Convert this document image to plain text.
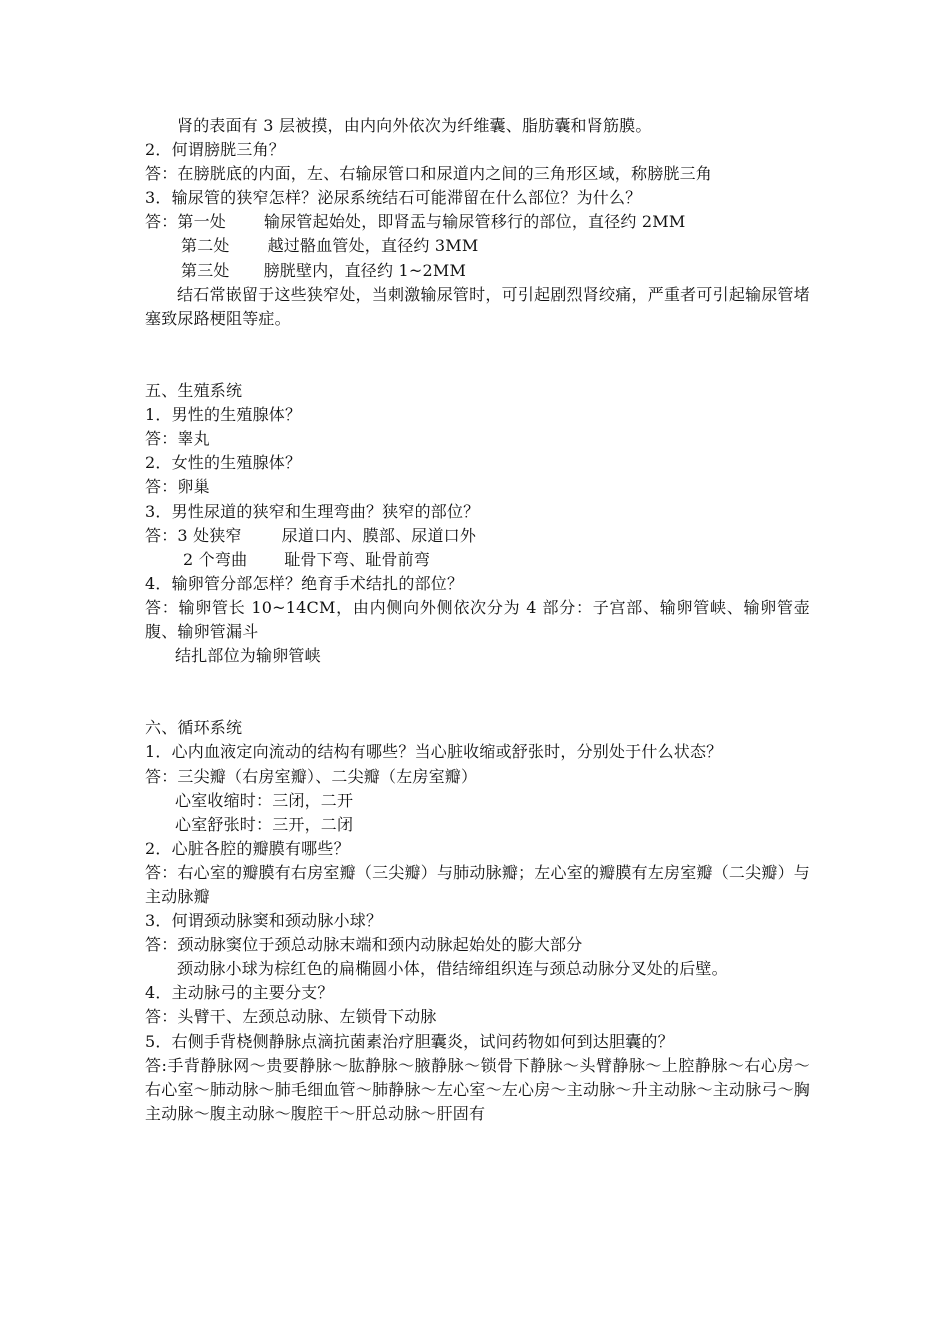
肾的表面有 3 层被摸，由内向外依次为纤维囊、脂肪囊和肾筋膜。
2．何谓膀胱三角？
答：在膀胱底的内面，左、右输尿管口和尿道内之间的三角形区域，称膀胱三角
3．输尿管的狭窄怎样？泌尿系统结石可能滞留在什么部位？为什么？
答：第一处 输尿管起始处，即肾盂与输尿管移行的部位，直径约 2MM
第二处 越过骼血管处，直径约 3MM
第三处 膀胱壁内，直径约 1~2MM
结石常嵌留于这些狭窄处，当刺激输尿管时，可引起剧烈肾绞痛，严重者可引起输尿管堵塞致尿路梗阻等症。
五、生殖系统
1．男性的生殖腺体？
答：睾丸
2．女性的生殖腺体？
答：卵巢
3．男性尿道的狭窄和生理弯曲？狭窄的部位？
答：3 处狭窄	尿道口内、膜部、尿道口外
2 个弯曲 耻骨下弯、耻骨前弯
4．输卵管分部怎样？绝育手术结扎的部位？
答：输卵管长 10~14CM，由内侧向外侧依次分为 4 部分：子宫部、输卵管峡、输卵管壶腹、输卵管漏斗
结扎部位为输卵管峡
六、循环系统
1．心内血液定向流动的结构有哪些？当心脏收缩或舒张时，分别处于什么状态？
答：三尖瓣（右房室瓣）、二尖瓣（左房室瓣）
心室收缩时：三闭，二开
心室舒张时：三开，二闭
2．心脏各腔的瓣膜有哪些？
答：右心室的瓣膜有右房室瓣（三尖瓣）与肺动脉瓣；左心室的瓣膜有左房室瓣（二尖瓣）与主动脉瓣
3．何谓颈动脉窦和颈动脉小球？
答：颈动脉窦位于颈总动脉末端和颈内动脉起始处的膨大部分
颈动脉小球为棕红色的扁椭圆小体，借结缔组织连与颈总动脉分叉处的后壁。
4．主动脉弓的主要分支？
答：头臂干、左颈总动脉、左锁骨下动脉
5．右侧手背桡侧静脉点滴抗菌素治疗胆囊炎，试问药物如何到达胆囊的？
答:手背静脉网～贵要静脉～肱静脉～腋静脉～锁骨下静脉～头臂静脉～上腔静脉～右心房～右心室～肺动脉～肺毛细血管～肺静脉～左心室～左心房～主动脉～升主动脉～主动脉弓～胸主动脉～腹主动脉～腹腔干～肝总动脉～肝固有
